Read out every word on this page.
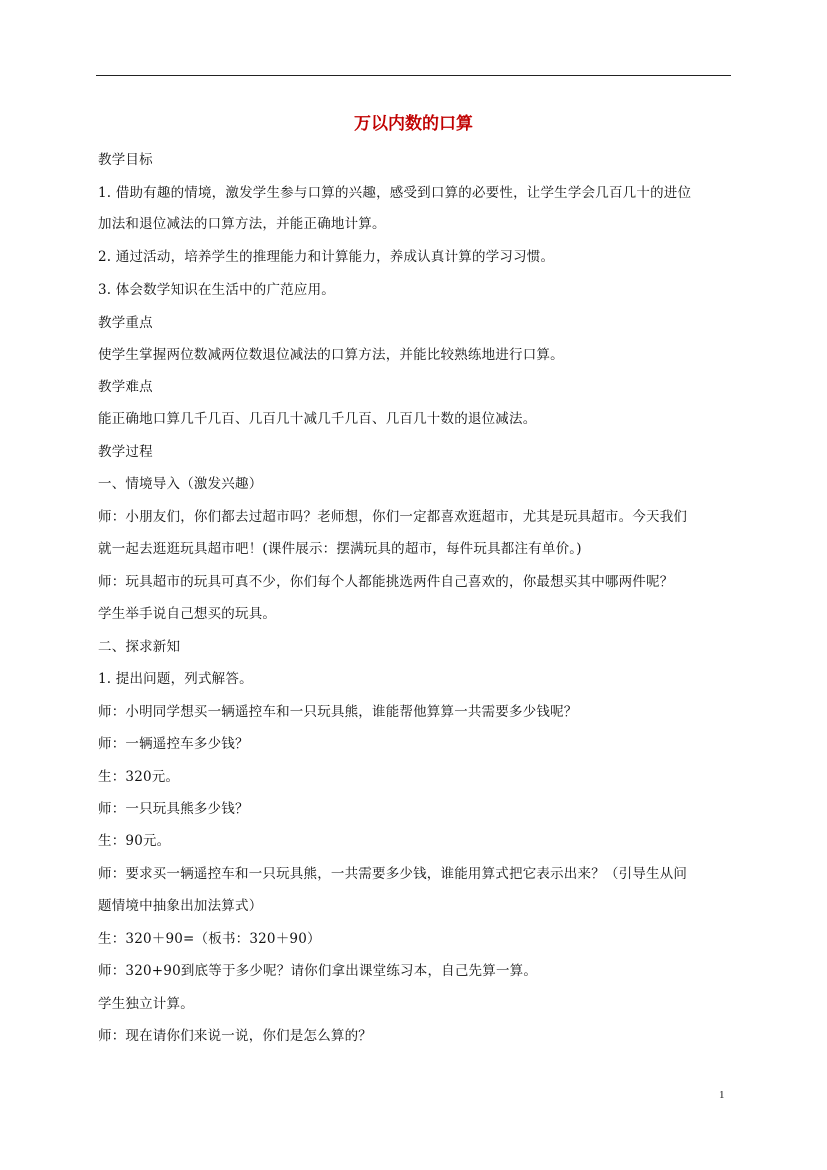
万以内数的口算
教学目标
1. 借助有趣的情境，激发学生参与口算的兴趣，感受到口算的必要性，让学生学会几百几十的进位
加法和退位减法的口算方法，并能正确地计算。
2. 通过活动，培养学生的推理能力和计算能力，养成认真计算的学习习惯。
3. 体会数学知识在生活中的广范应用。
教学重点
使学生掌握两位数减两位数退位减法的口算方法，并能比较熟练地进行口算。
教学难点
能正确地口算几千几百、几百几十减几千几百、几百几十数的退位减法。
教学过程
一、情境导入（激发兴趣）
师：小朋友们，你们都去过超市吗？老师想，你们一定都喜欢逛超市，尤其是玩具超市。今天我们
就一起去逛逛玩具超市吧！(课件展示：摆满玩具的超市，每件玩具都注有单价。)
师：玩具超市的玩具可真不少，你们每个人都能挑选两件自己喜欢的，你最想买其中哪两件呢？
学生举手说自己想买的玩具。
二、探求新知
1. 提出问题，列式解答。
师：小明同学想买一辆遥控车和一只玩具熊，谁能帮他算算一共需要多少钱呢？
师：一辆遥控车多少钱？
生：320元。
师：一只玩具熊多少钱？
生：90元。
师：要求买一辆遥控车和一只玩具熊，一共需要多少钱，谁能用算式把它表示出来？（引导生从问
题情境中抽象出加法算式）
生：320＋90=（板书：320＋90）
师：320+90到底等于多少呢？请你们拿出课堂练习本，自己先算一算。
学生独立计算。
师：现在请你们来说一说，你们是怎么算的？
1
